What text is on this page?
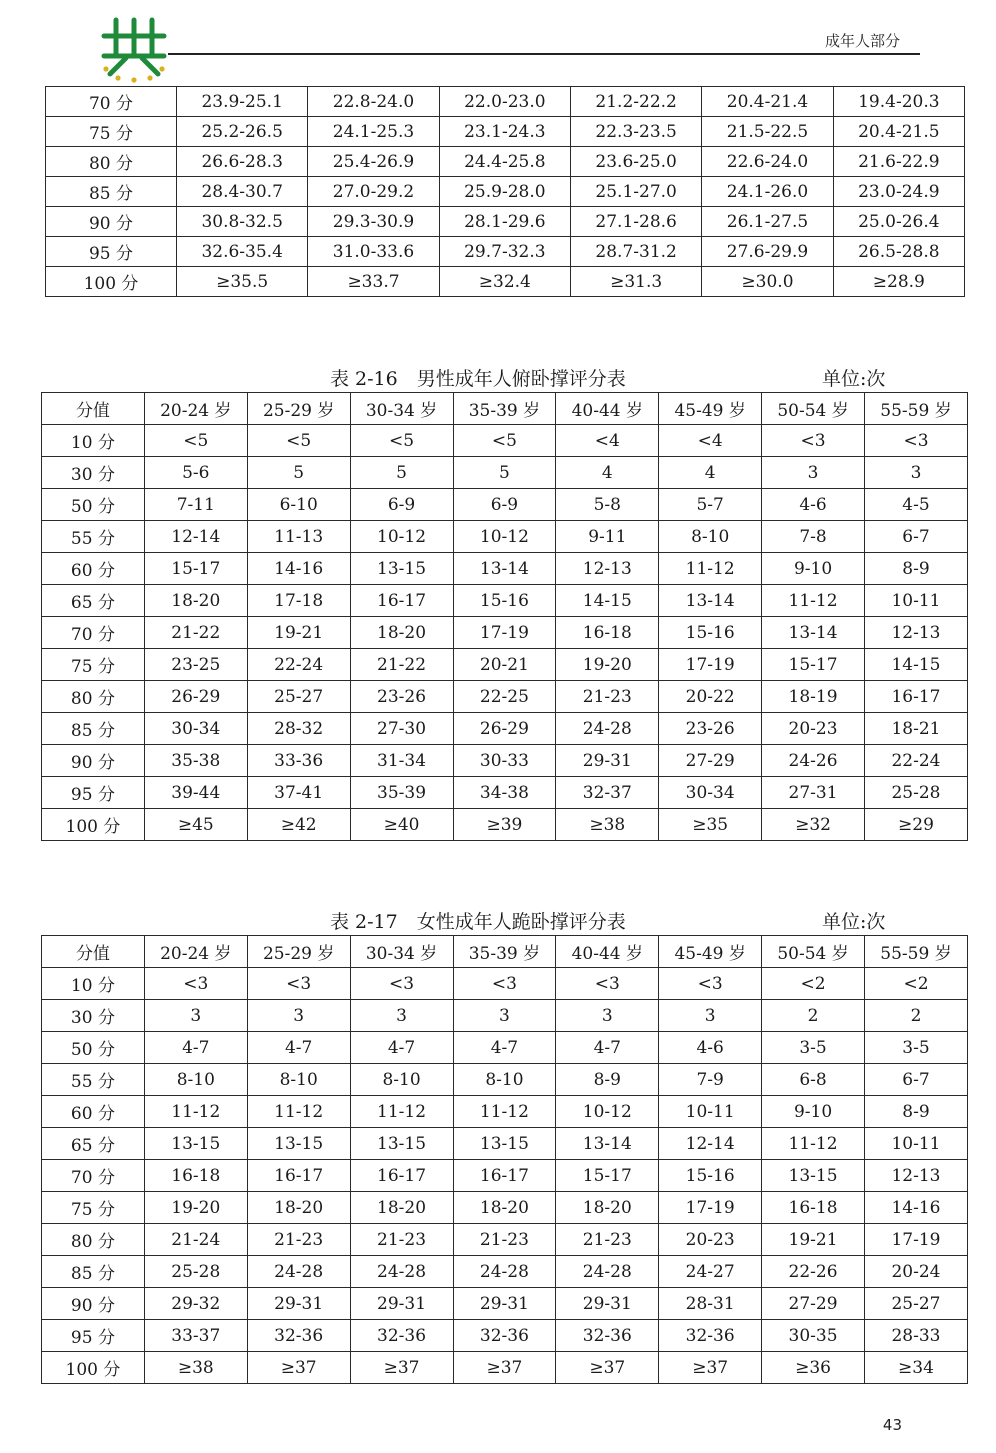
成年人部分
70 分	23.9-25.1	22.8-24.0	22.0-23.0	21.2-22.2	20.4-21.4	19.4-20.3
75 分	25.2-26.5	24.1-25.3	23.1-24.3	22.3-23.5	21.5-22.5	20.4-21.5
80 分	26.6-28.3	25.4-26.9	24.4-25.8	23.6-25.0	22.6-24.0	21.6-22.9
85 分	28.4-30.7	27.0-29.2	25.9-28.0	25.1-27.0	24.1-26.0	23.0-24.9
90 分	30.8-32.5	29.3-30.9	28.1-29.6	27.1-28.6	26.1-27.5	25.0-26.4
95 分	32.6-35.4	31.0-33.6	29.7-32.3	28.7-31.2	27.6-29.9	26.5-28.8
100 分	≥35.5	≥33.7	≥32.4	≥31.3	≥30.0	≥28.9
表 2-16　男性成年人俯卧撑评分表	单位:次
分值	20-24 岁	25-29 岁	30-34 岁	35-39 岁	40-44 岁	45-49 岁	50-54 岁	55-59 岁
10 分	<5	<5	<5	<5	<4	<4	<3	<3
30 分	5-6	5	5	5	4	4	3	3
50 分	7-11	6-10	6-9	6-9	5-8	5-7	4-6	4-5
55 分	12-14	11-13	10-12	10-12	9-11	8-10	7-8	6-7
60 分	15-17	14-16	13-15	13-14	12-13	11-12	9-10	8-9
65 分	18-20	17-18	16-17	15-16	14-15	13-14	11-12	10-11
70 分	21-22	19-21	18-20	17-19	16-18	15-16	13-14	12-13
75 分	23-25	22-24	21-22	20-21	19-20	17-19	15-17	14-15
80 分	26-29	25-27	23-26	22-25	21-23	20-22	18-19	16-17
85 分	30-34	28-32	27-30	26-29	24-28	23-26	20-23	18-21
90 分	35-38	33-36	31-34	30-33	29-31	27-29	24-26	22-24
95 分	39-44	37-41	35-39	34-38	32-37	30-34	27-31	25-28
100 分	≥45	≥42	≥40	≥39	≥38	≥35	≥32	≥29
表 2-17　女性成年人跪卧撑评分表	单位:次
分值	20-24 岁	25-29 岁	30-34 岁	35-39 岁	40-44 岁	45-49 岁	50-54 岁	55-59 岁
10 分	<3	<3	<3	<3	<3	<3	<2	<2
30 分	3	3	3	3	3	3	2	2
50 分	4-7	4-7	4-7	4-7	4-7	4-6	3-5	3-5
55 分	8-10	8-10	8-10	8-10	8-9	7-9	6-8	6-7
60 分	11-12	11-12	11-12	11-12	10-12	10-11	9-10	8-9
65 分	13-15	13-15	13-15	13-15	13-14	12-14	11-12	10-11
70 分	16-18	16-17	16-17	16-17	15-17	15-16	13-15	12-13
75 分	19-20	18-20	18-20	18-20	18-20	17-19	16-18	14-16
80 分	21-24	21-23	21-23	21-23	21-23	20-23	19-21	17-19
85 分	25-28	24-28	24-28	24-28	24-28	24-27	22-26	20-24
90 分	29-32	29-31	29-31	29-31	29-31	28-31	27-29	25-27
95 分	33-37	32-36	32-36	32-36	32-36	32-36	30-35	28-33
100 分	≥38	≥37	≥37	≥37	≥37	≥37	≥36	≥34
43
